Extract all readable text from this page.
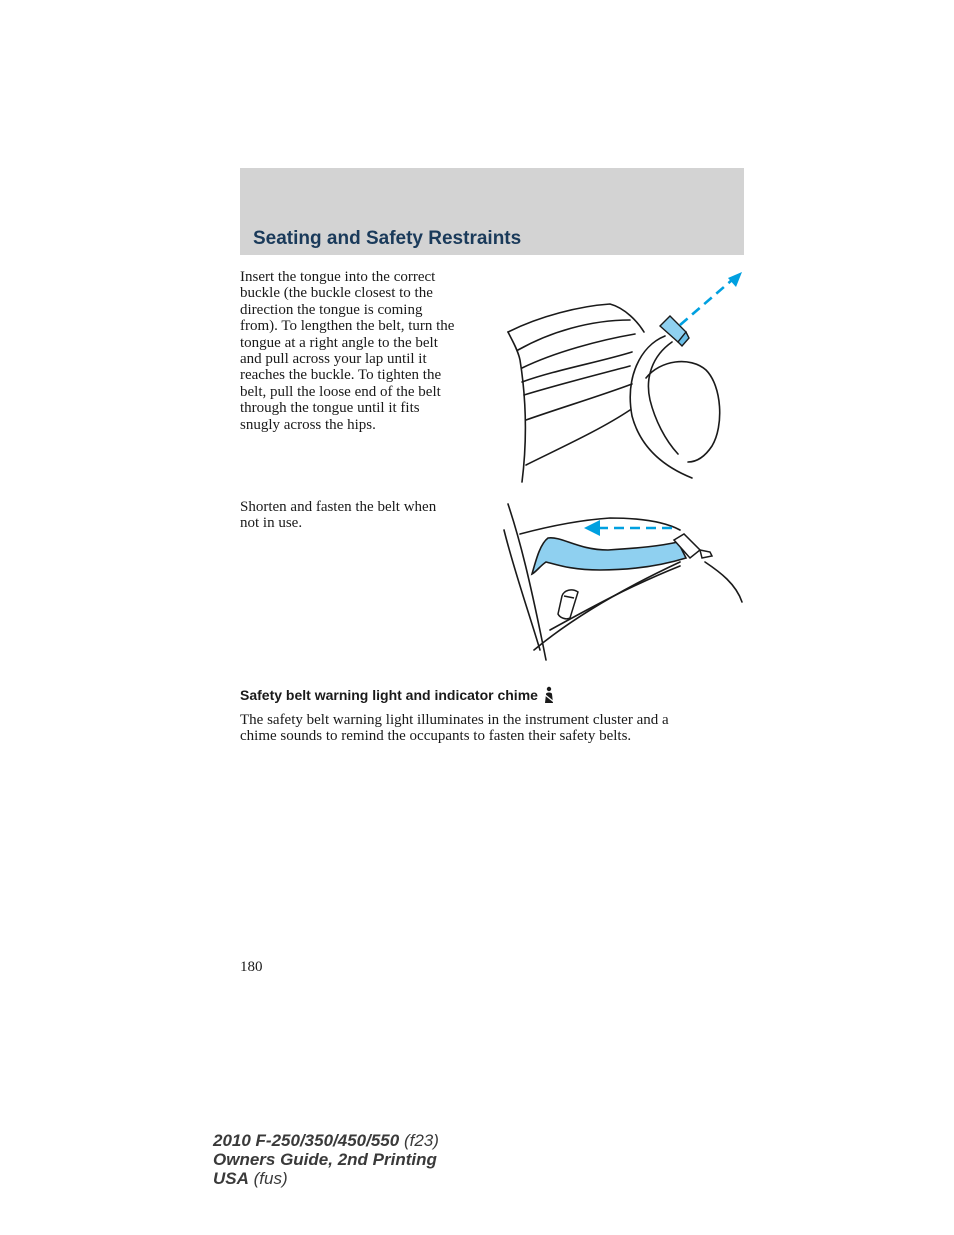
Seating and Safety Restraints
Insert the tongue into the correct
buckle (the buckle closest to the
direction the tongue is coming
from). To lengthen the belt, turn the
tongue at a right angle to the belt
and pull across your lap until it
reaches the buckle. To tighten the
belt, pull the loose end of the belt
through the tongue until it fits
snugly across the hips.
Shorten and fasten the belt when
not in use.
Safety belt warning light and indicator chime
The safety belt warning light illuminates in the instrument cluster and a
chime sounds to remind the occupants to fasten their safety belts.
180
2010 F-250/350/450/550 (f23)
Owners Guide, 2nd Printing
USA (fus)
